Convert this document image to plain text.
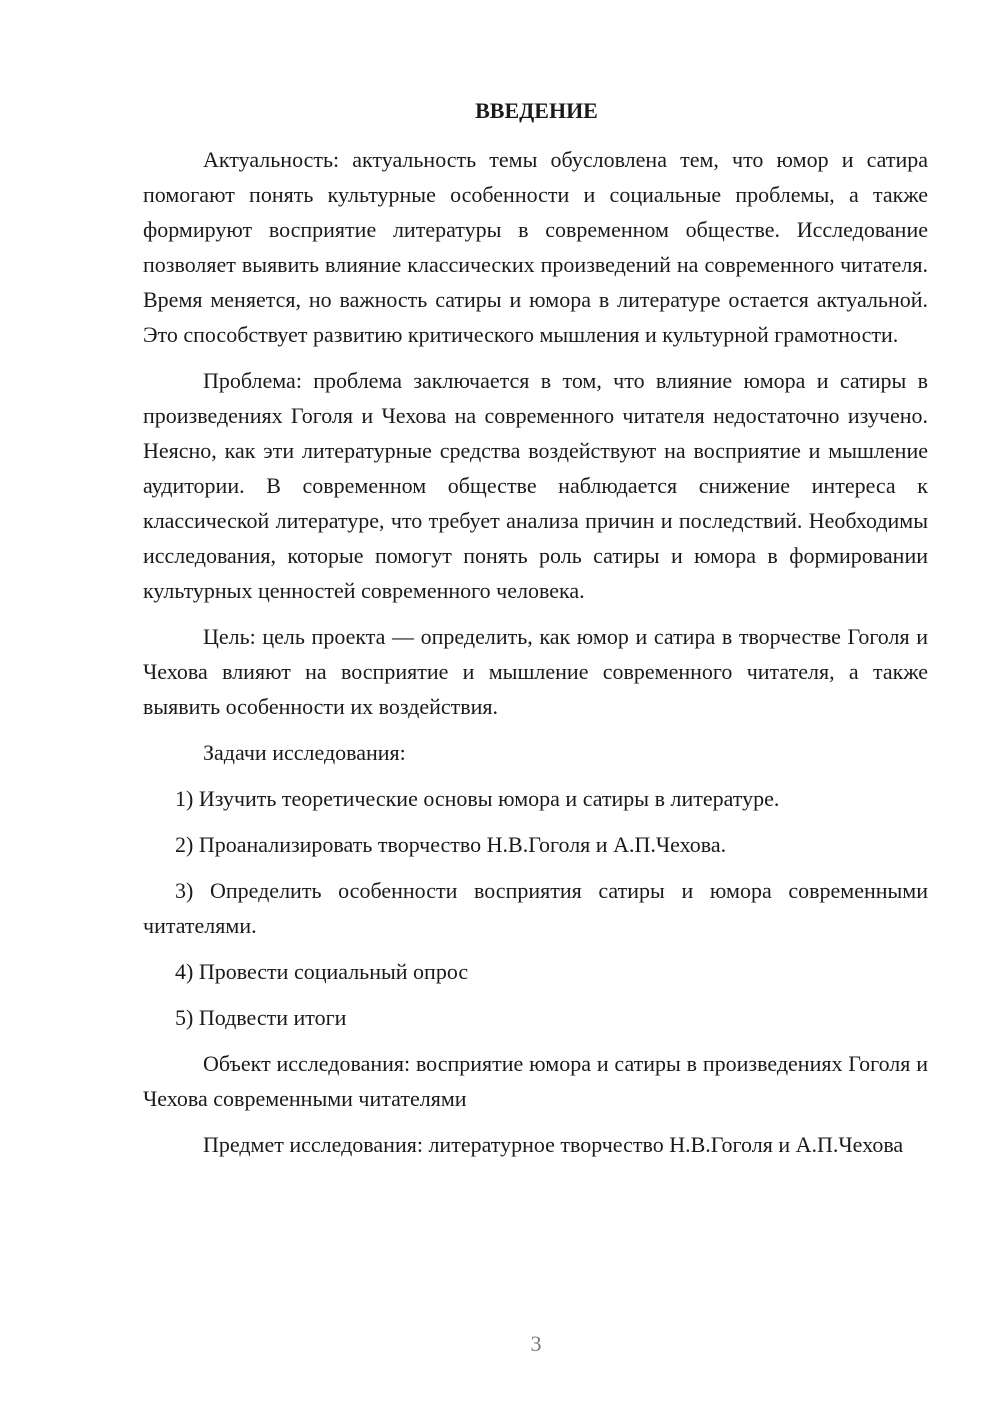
ВВЕДЕНИЕ

Актуальность: актуальность темы обусловлена тем, что юмор и сатира помогают понять культурные особенности и социальные проблемы, а также формируют восприятие литературы в современном обществе. Исследование позволяет выявить влияние классических произведений на современного читателя. Время меняется, но важность сатиры и юмора в литературе остается актуальной. Это способствует развитию критического мышления и культурной грамотности.

Проблема: проблема заключается в том, что влияние юмора и сатиры в произведениях Гоголя и Чехова на современного читателя недостаточно изучено. Неясно, как эти литературные средства воздействуют на восприятие и мышление аудитории. В современном обществе наблюдается снижение интереса к классической литературе, что требует анализа причин и последствий. Необходимы исследования, которые помогут понять роль сатиры и юмора в формировании культурных ценностей современного человека.

Цель: цель проекта — определить, как юмор и сатира в творчестве Гоголя и Чехова влияют на восприятие и мышление современного читателя, а также выявить особенности их воздействия.

Задачи исследования:

1) Изучить теоретические основы юмора и сатиры в литературе.

2) Проанализировать творчество Н.В.Гоголя и А.П.Чехова.

3) Определить особенности восприятия сатиры и юмора современными читателями.

4) Провести социальный опрос

5) Подвести итоги

Объект исследования: восприятие юмора и сатиры в произведениях Гоголя и Чехова современными читателями

Предмет исследования: литературное творчество Н.В.Гоголя и А.П.Чехова

3
